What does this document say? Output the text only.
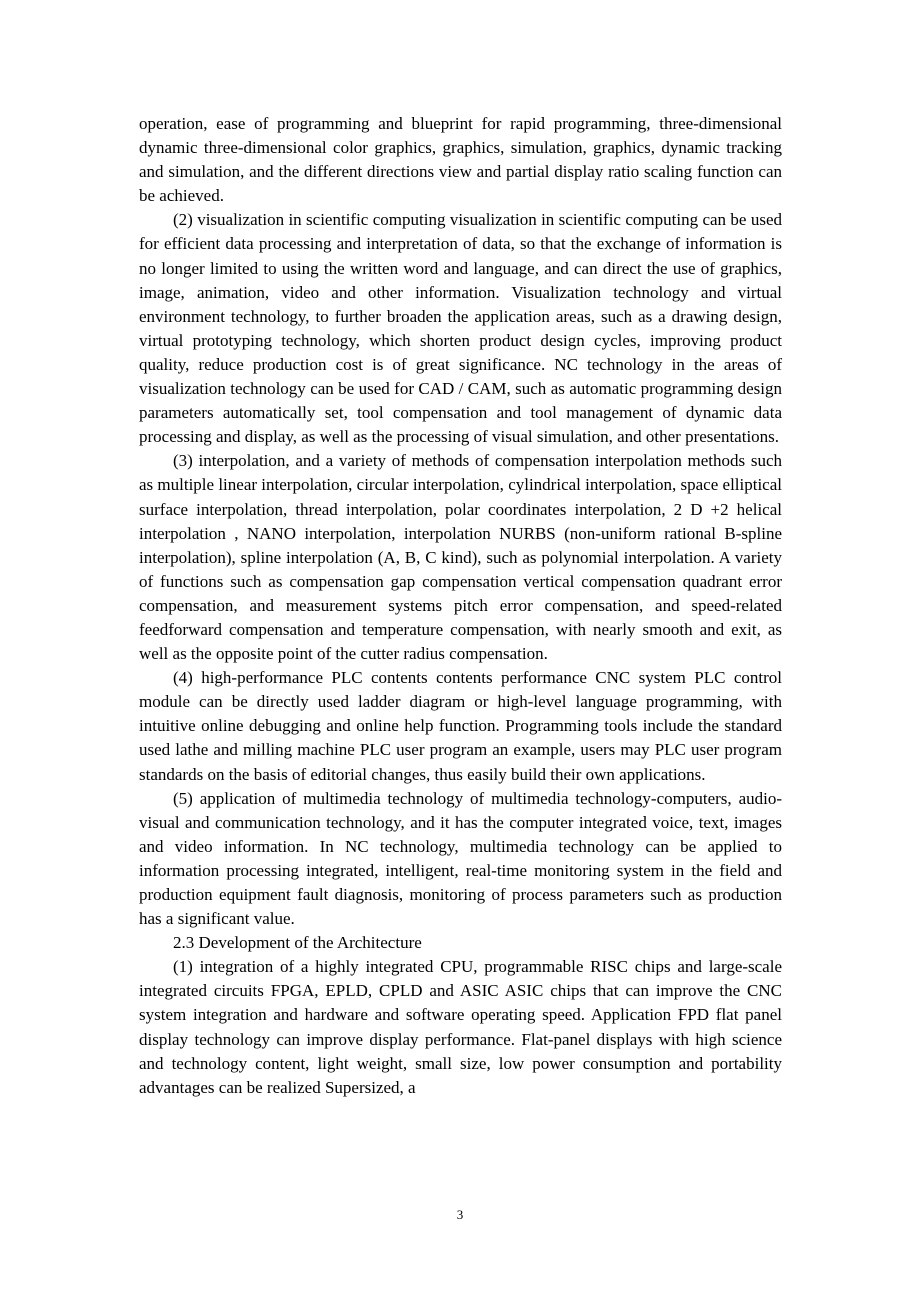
operation, ease of programming and blueprint for rapid programming, three-dimensional dynamic three-dimensional color graphics, graphics, simulation, graphics, dynamic tracking and simulation, and the different directions view and partial display ratio scaling function can be achieved.

(2) visualization in scientific computing visualization in scientific computing can be used for efficient data processing and interpretation of data, so that the exchange of information is no longer limited to using the written word and language, and can direct the use of graphics, image, animation, video and other information. Visualization technology and virtual environment technology, to further broaden the application areas, such as a drawing design, virtual prototyping technology, which shorten product design cycles, improving product quality, reduce production cost is of great significance. NC technology in the areas of visualization technology can be used for CAD / CAM, such as automatic programming design parameters automatically set, tool compensation and tool management of dynamic data processing and display, as well as the processing of visual simulation, and other presentations.

(3) interpolation, and a variety of methods of compensation interpolation methods such as multiple linear interpolation, circular interpolation, cylindrical interpolation, space elliptical surface interpolation, thread interpolation, polar coordinates interpolation, 2 D +2 helical interpolation , NANO interpolation, interpolation NURBS (non-uniform rational B-spline interpolation), spline interpolation (A, B, C kind), such as polynomial interpolation. A variety of functions such as compensation gap compensation vertical compensation quadrant error compensation, and measurement systems pitch error compensation, and speed-related feedforward compensation and temperature compensation, with nearly smooth and exit, as well as the opposite point of the cutter radius compensation.

(4) high-performance PLC contents contents performance CNC system PLC control module can be directly used ladder diagram or high-level language programming, with intuitive online debugging and online help function. Programming tools include the standard used lathe and milling machine PLC user program an example, users may PLC user program standards on the basis of editorial changes, thus easily build their own applications.

(5) application of multimedia technology of multimedia technology-computers, audio-visual and communication technology, and it has the computer integrated voice, text, images and video information. In NC technology, multimedia technology can be applied to information processing integrated, intelligent, real-time monitoring system in the field and production equipment fault diagnosis, monitoring of process parameters such as production has a significant value.

2.3 Development of the Architecture

(1) integration of a highly integrated CPU, programmable RISC chips and large-scale integrated circuits FPGA, EPLD, CPLD and ASIC ASIC chips that can improve the CNC system integration and hardware and software operating speed. Application FPD flat panel display technology can improve display performance. Flat-panel displays with high science and technology content, light weight, small size, low power consumption and portability advantages can be realized Supersized, a

3
